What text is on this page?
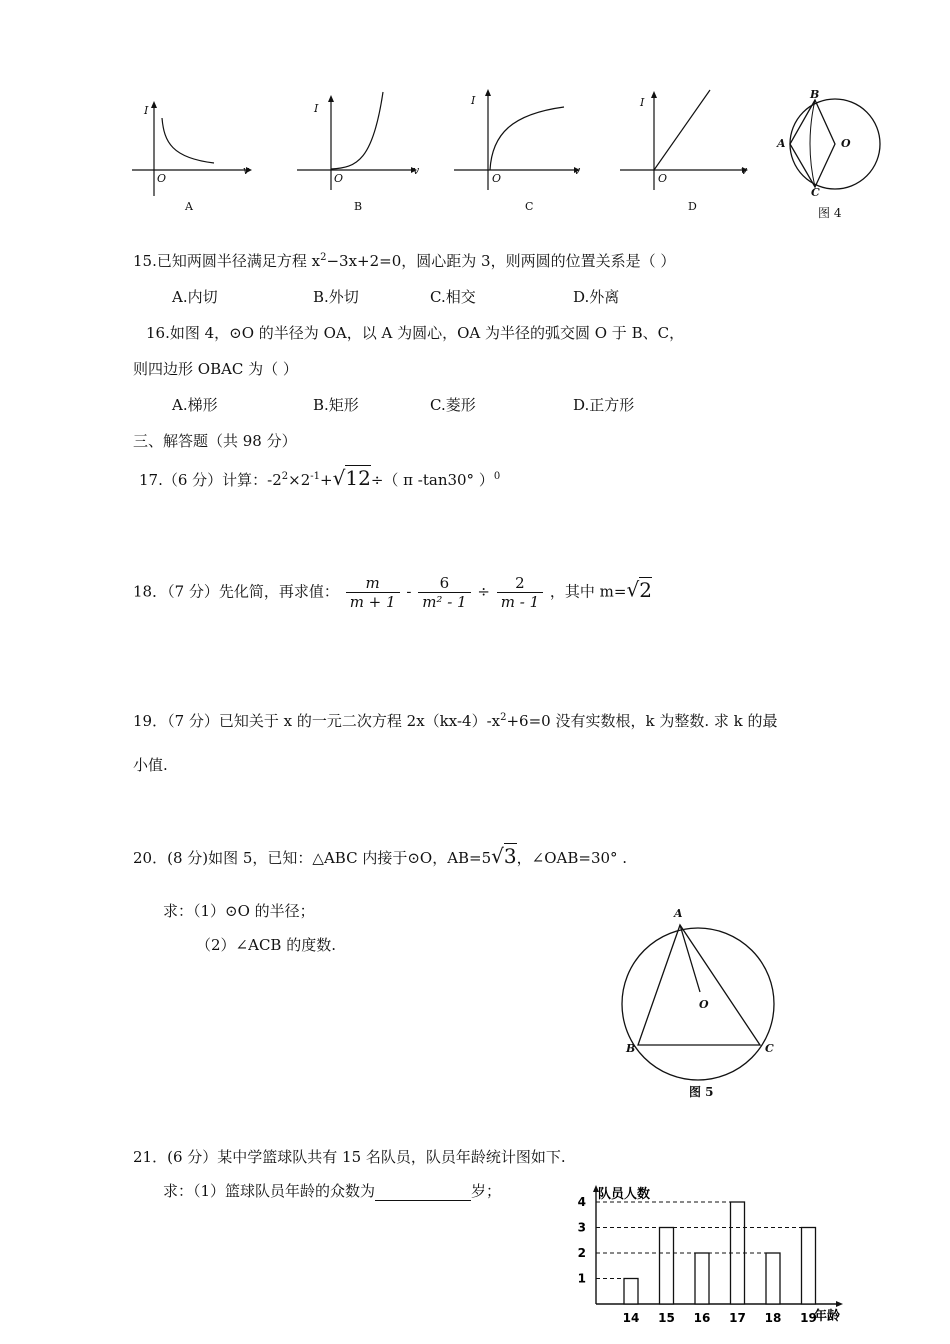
I
v
O
A
I
v
O
B
I
v
O
C
I
v
O
D
B
A	O
C
图 4
15.已知两圆半径满足方程 $x^2-3x+2=0$，圆心距为 3，则两圆的位置关系是（ ）
A.内切	B.外切	C.相交	D.外离
16.如图 4，⊙O 的半径为 OA，以 A 为圆心，OA 为半径的弧交圆 O 于 B、C，
则四边形 OBAC 为（ ）
A.梯形	B.矩形	C.菱形	D.正方形
三、解答题（共 98 分）
17.（6 分）计算：$-2^2\times 2^{-1}+√12\div$（ π -tan30° ）$^0$
18．（7 分）先化简，再求值： $\frac{m}{m + 1} - \frac{6}{\text{m² - 1}} \div \frac{2}{m - 1}$ ，其中 m=√2
19．（7 分）已知关于 x 的一元二次方程 $2x(kx-4)-x^2+6=0$ 没有实数根，k 为整数. 求 k 的最
小值.
20．(8 分)如图 5，已知：△ABC 内接于⊙O，AB=5√3，∠OAB=30° .
求：（1）⊙O 的半径；
（2）∠ACB 的度数.
A
O
B	C
图 5
21．(6 分）某中学篮球队共有 15 名队员，队员年龄统计图如下.
求：（1）篮球队员年龄的众数为	岁；	队员人数
年龄
1
2
3
4
14 15 16 17 18 19
